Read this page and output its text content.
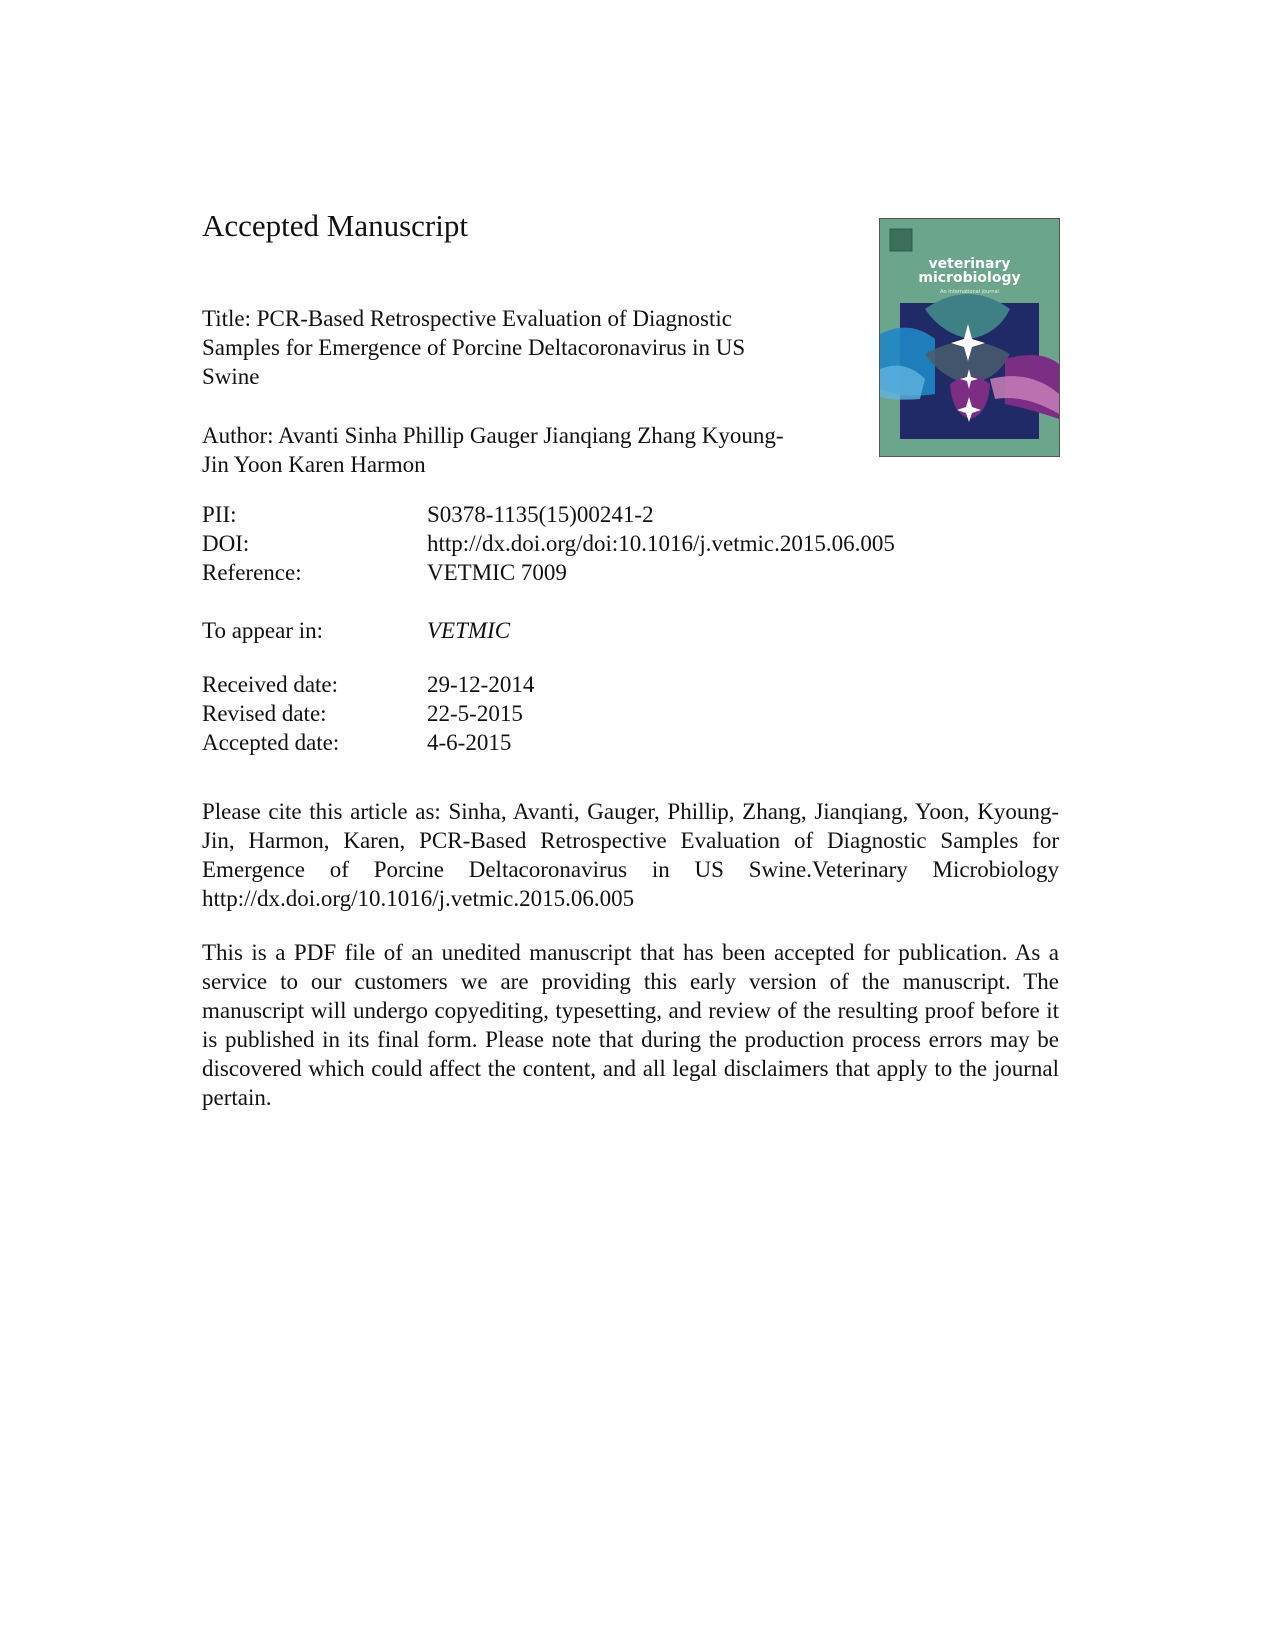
Accepted Manuscript
Title: PCR-Based Retrospective Evaluation of Diagnostic Samples for Emergence of Porcine Deltacoronavirus in US Swine
Author: Avanti Sinha Phillip Gauger Jianqiang Zhang Kyoung-Jin Yoon Karen Harmon
PII:	S0378-1135(15)00241-2
DOI:	http://dx.doi.org/doi:10.1016/j.vetmic.2015.06.005
Reference:	VETMIC 7009
To appear in:	VETMIC
Received date:	29-12-2014
Revised date:	22-5-2015
Accepted date:	4-6-2015
Please cite this article as: Sinha, Avanti, Gauger, Phillip, Zhang, Jianqiang, Yoon, Kyoung-Jin, Harmon, Karen, PCR-Based Retrospective Evaluation of Diagnostic Samples for Emergence of Porcine Deltacoronavirus in US Swine.Veterinary Microbiology http://dx.doi.org/10.1016/j.vetmic.2015.06.005
This is a PDF file of an unedited manuscript that has been accepted for publication. As a service to our customers we are providing this early version of the manuscript. The manuscript will undergo copyediting, typesetting, and review of the resulting proof before it is published in its final form. Please note that during the production process errors may be discovered which could affect the content, and all legal disclaimers that apply to the journal pertain.
veterinary
microbiology
An international journal
